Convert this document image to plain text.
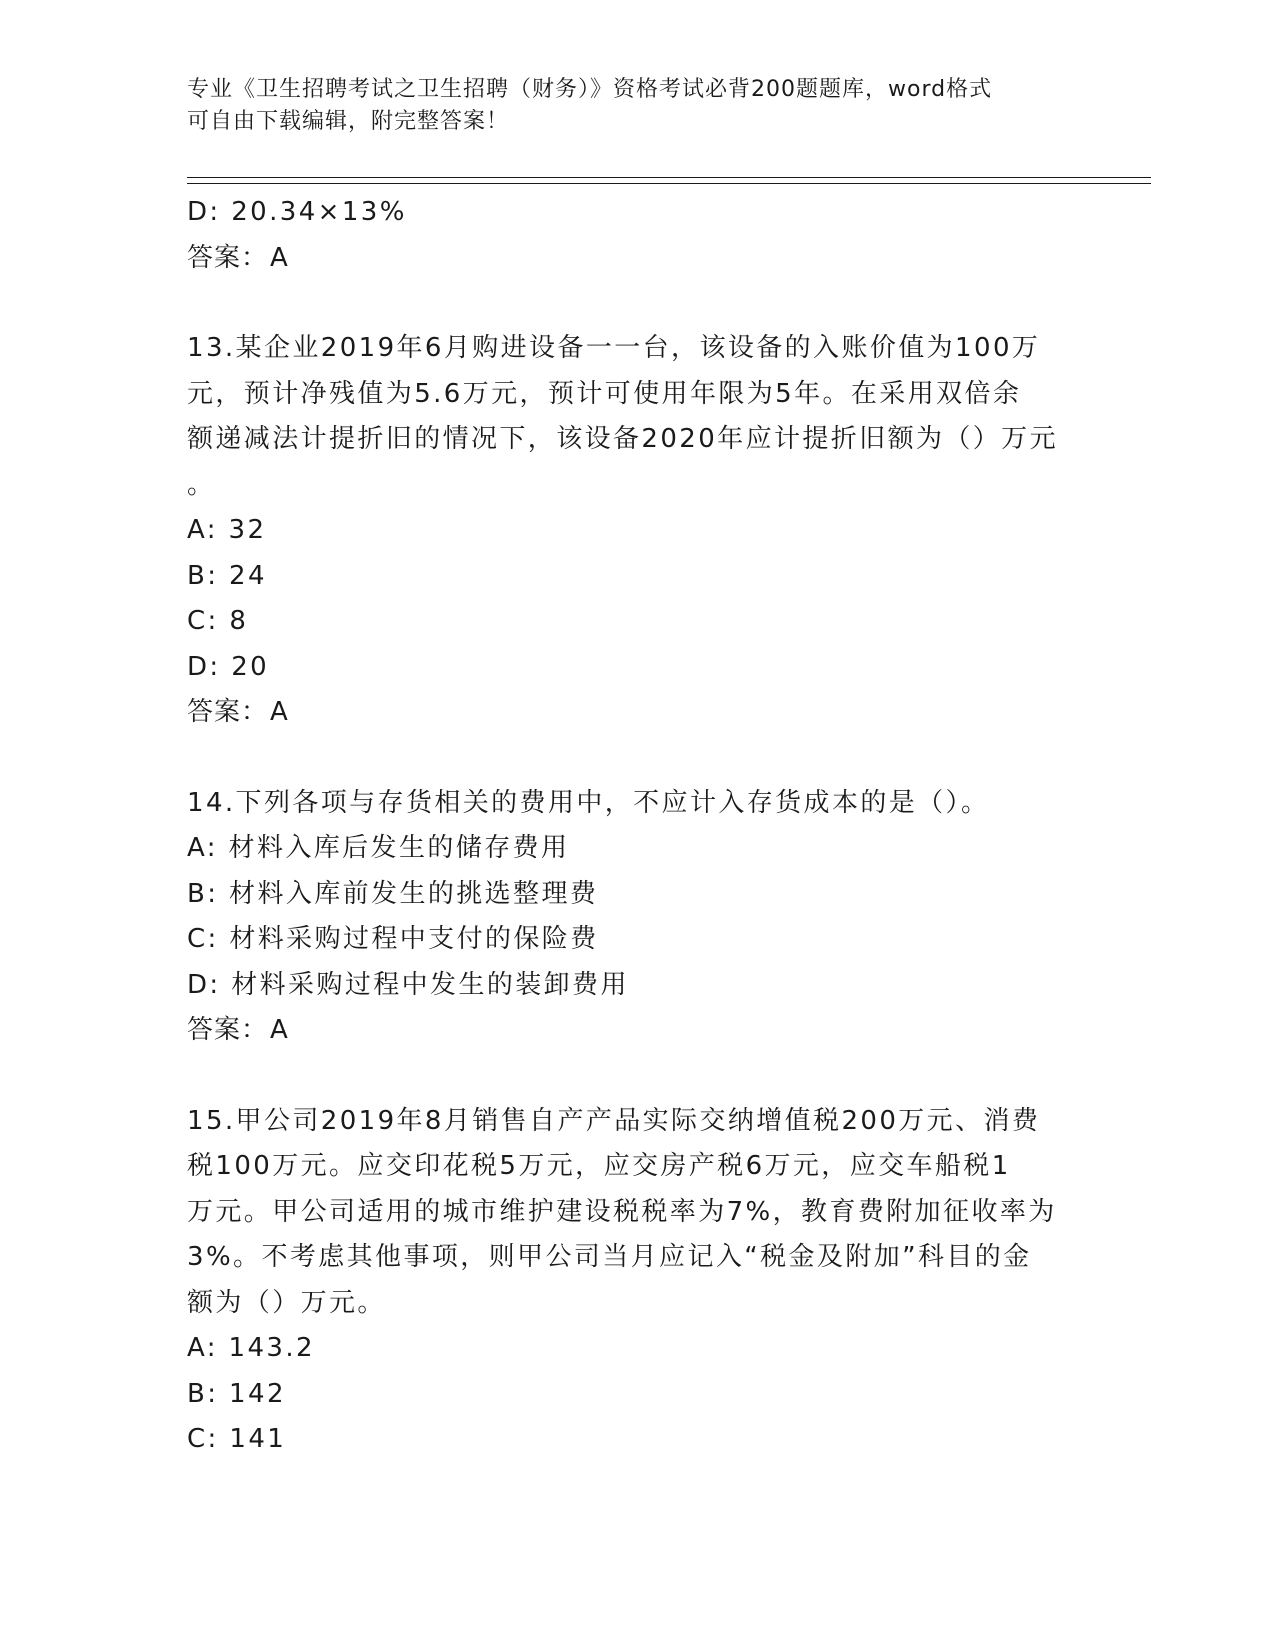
专业《卫生招聘考试之卫生招聘（财务）》资格考试必背200题题库，word格式
可自由下载编辑，附完整答案！
D: 20.34×13%
答案：A
13.某企业2019年6月购进设备一一台，该设备的入账价值为100万
元，预计净残值为5.6万元，预计可使用年限为5年。在采用双倍余
额递减法计提折旧的情况下，该设备2020年应计提折旧额为（）万元
。
A: 32
B: 24
C: 8
D: 20
答案：A
14.下列各项与存货相关的费用中，不应计入存货成本的是（）。
A: 材料入库后发生的储存费用
B: 材料入库前发生的挑选整理费
C: 材料采购过程中支付的保险费
D: 材料采购过程中发生的装卸费用
答案：A
15.甲公司2019年8月销售自产产品实际交纳增值税200万元、消费
税100万元。应交印花税5万元，应交房产税6万元，应交车船税1
万元。甲公司适用的城市维护建设税税率为7%，教育费附加征收率为
3%。不考虑其他事项，则甲公司当月应记入“税金及附加”科目的金
额为（）万元。
A: 143.2
B: 142
C: 141
